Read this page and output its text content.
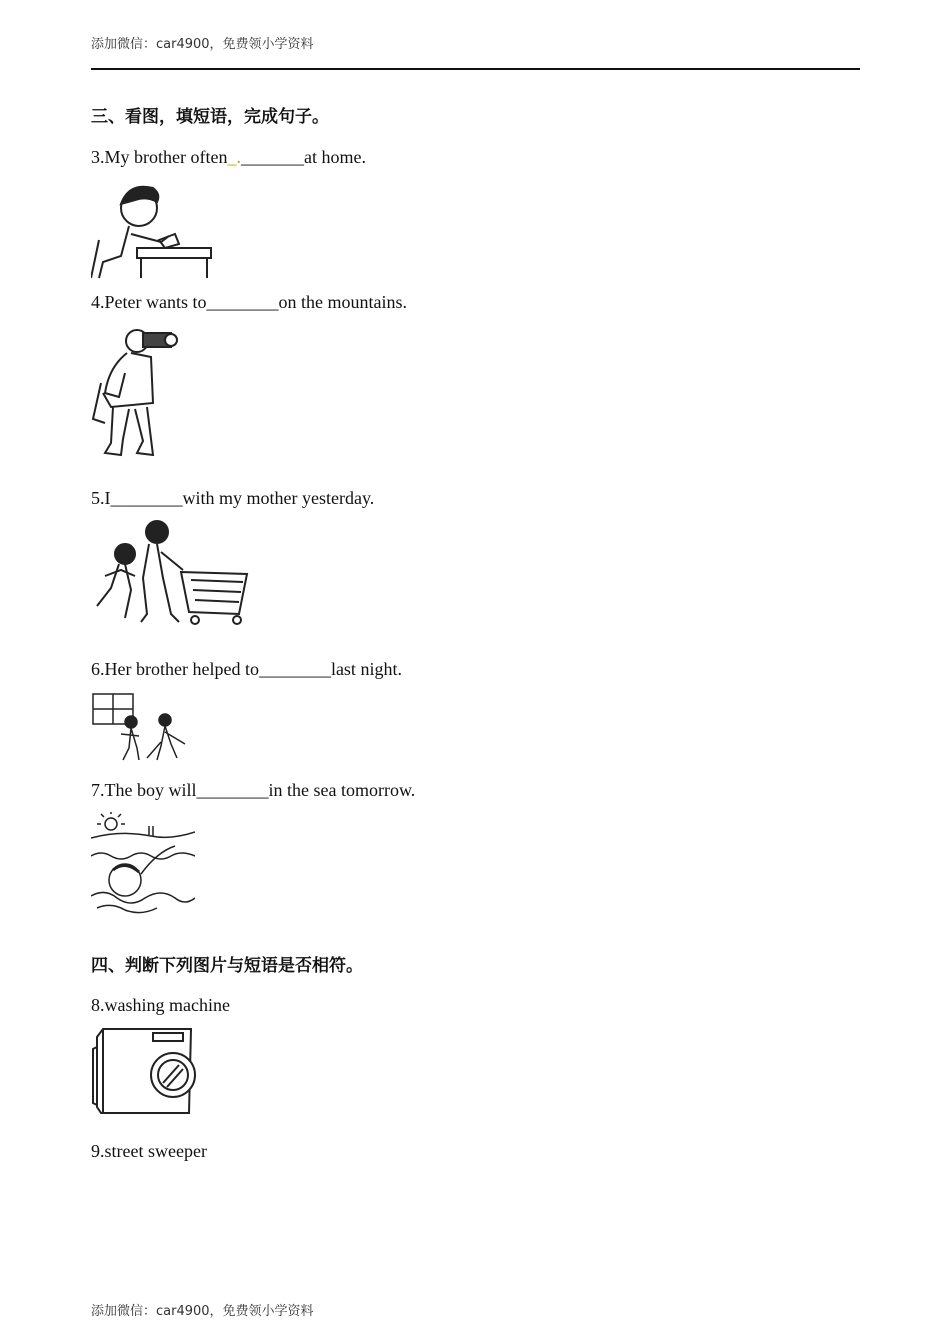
添加微信：car4900，免费领小学资料
三、看图，填短语，完成句子。
3.My brother often_._______at home.
4.Peter wants to________on the mountains.
5.I________with my mother yesterday.
6.Her brother helped to________last night.
7.The boy will________in the sea tomorrow.
四、判断下列图片与短语是否相符。
8.washing machine
9.street sweeper
添加微信：car4900，免费领小学资料
